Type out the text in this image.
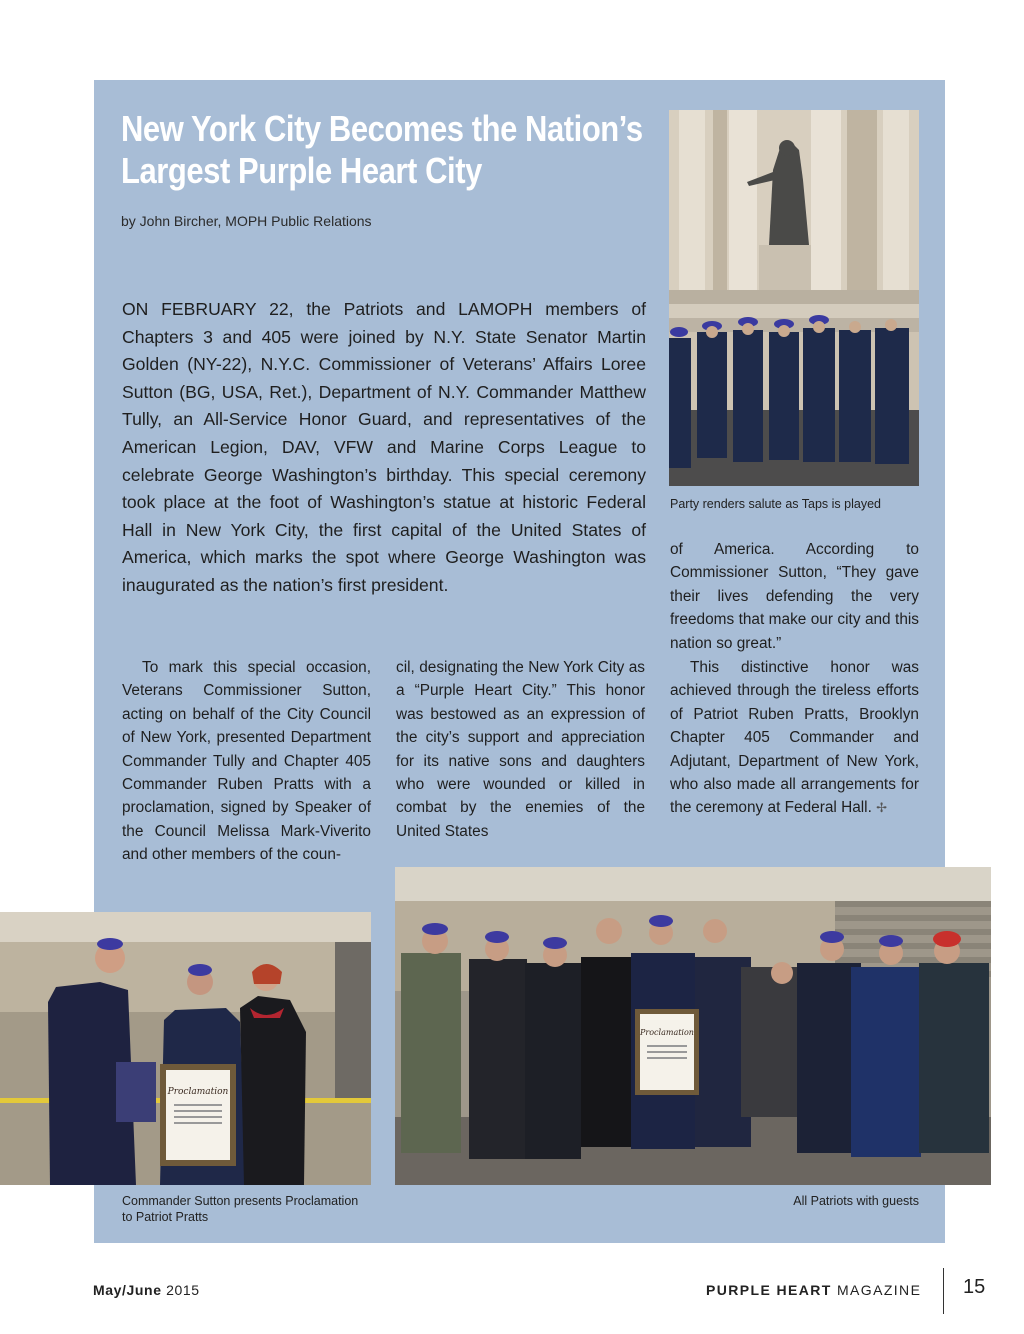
New York City Becomes the Nation’s Largest Purple Heart City
by John Bircher, MOPH Public Relations

ON FEBRUARY 22, the Patriots and LAMOPH members of Chapters 3 and 405 were joined by N.Y. State Senator Martin Golden (NY-22), N.Y.C. Commissioner of Veterans’ Affairs Loree Sutton (BG, USA, Ret.), Department of N.Y. Commander Matthew Tully, an All-Service Honor Guard, and representatives of the American Legion, DAV, VFW and Marine Corps League to celebrate George Washington’s birthday. This special ceremony took place at the foot of Washington’s statue at historic Federal Hall in New York City, the first capital of the United States of America, which marks the spot where George Washington was inaugurated as the nation’s first president.

To mark this special occasion, Veterans Commissioner Sutton, acting on behalf of the City Council of New York, presented Department Commander Tully and Chapter 405 Commander Ruben Pratts with a proclamation, signed by Speaker of the Council Melissa Mark-Viverito and other members of the coun-

cil, designating the New York City as a “Purple Heart City.” This honor was bestowed as an expression of the city’s support and appreciation for its native sons and daughters who were wounded or killed in combat by the enemies of the United States

of America. According to Commissioner Sutton, “They gave their lives defending the very freedoms that make our city and this nation so great.”

This distinctive honor was achieved through the tireless efforts of Patriot Ruben Pratts, Brooklyn Chapter 405 Commander and Adjutant, Department of New York, who also made all arrangements for the ceremony at Federal Hall. ✢

Party renders salute as Taps is played
Proclamation
Commander Sutton presents Proclamation to Patriot Pratts
Proclamation
All Patriots with guests
May/June 2015	PURPLE HEART MAGAZINE 15
